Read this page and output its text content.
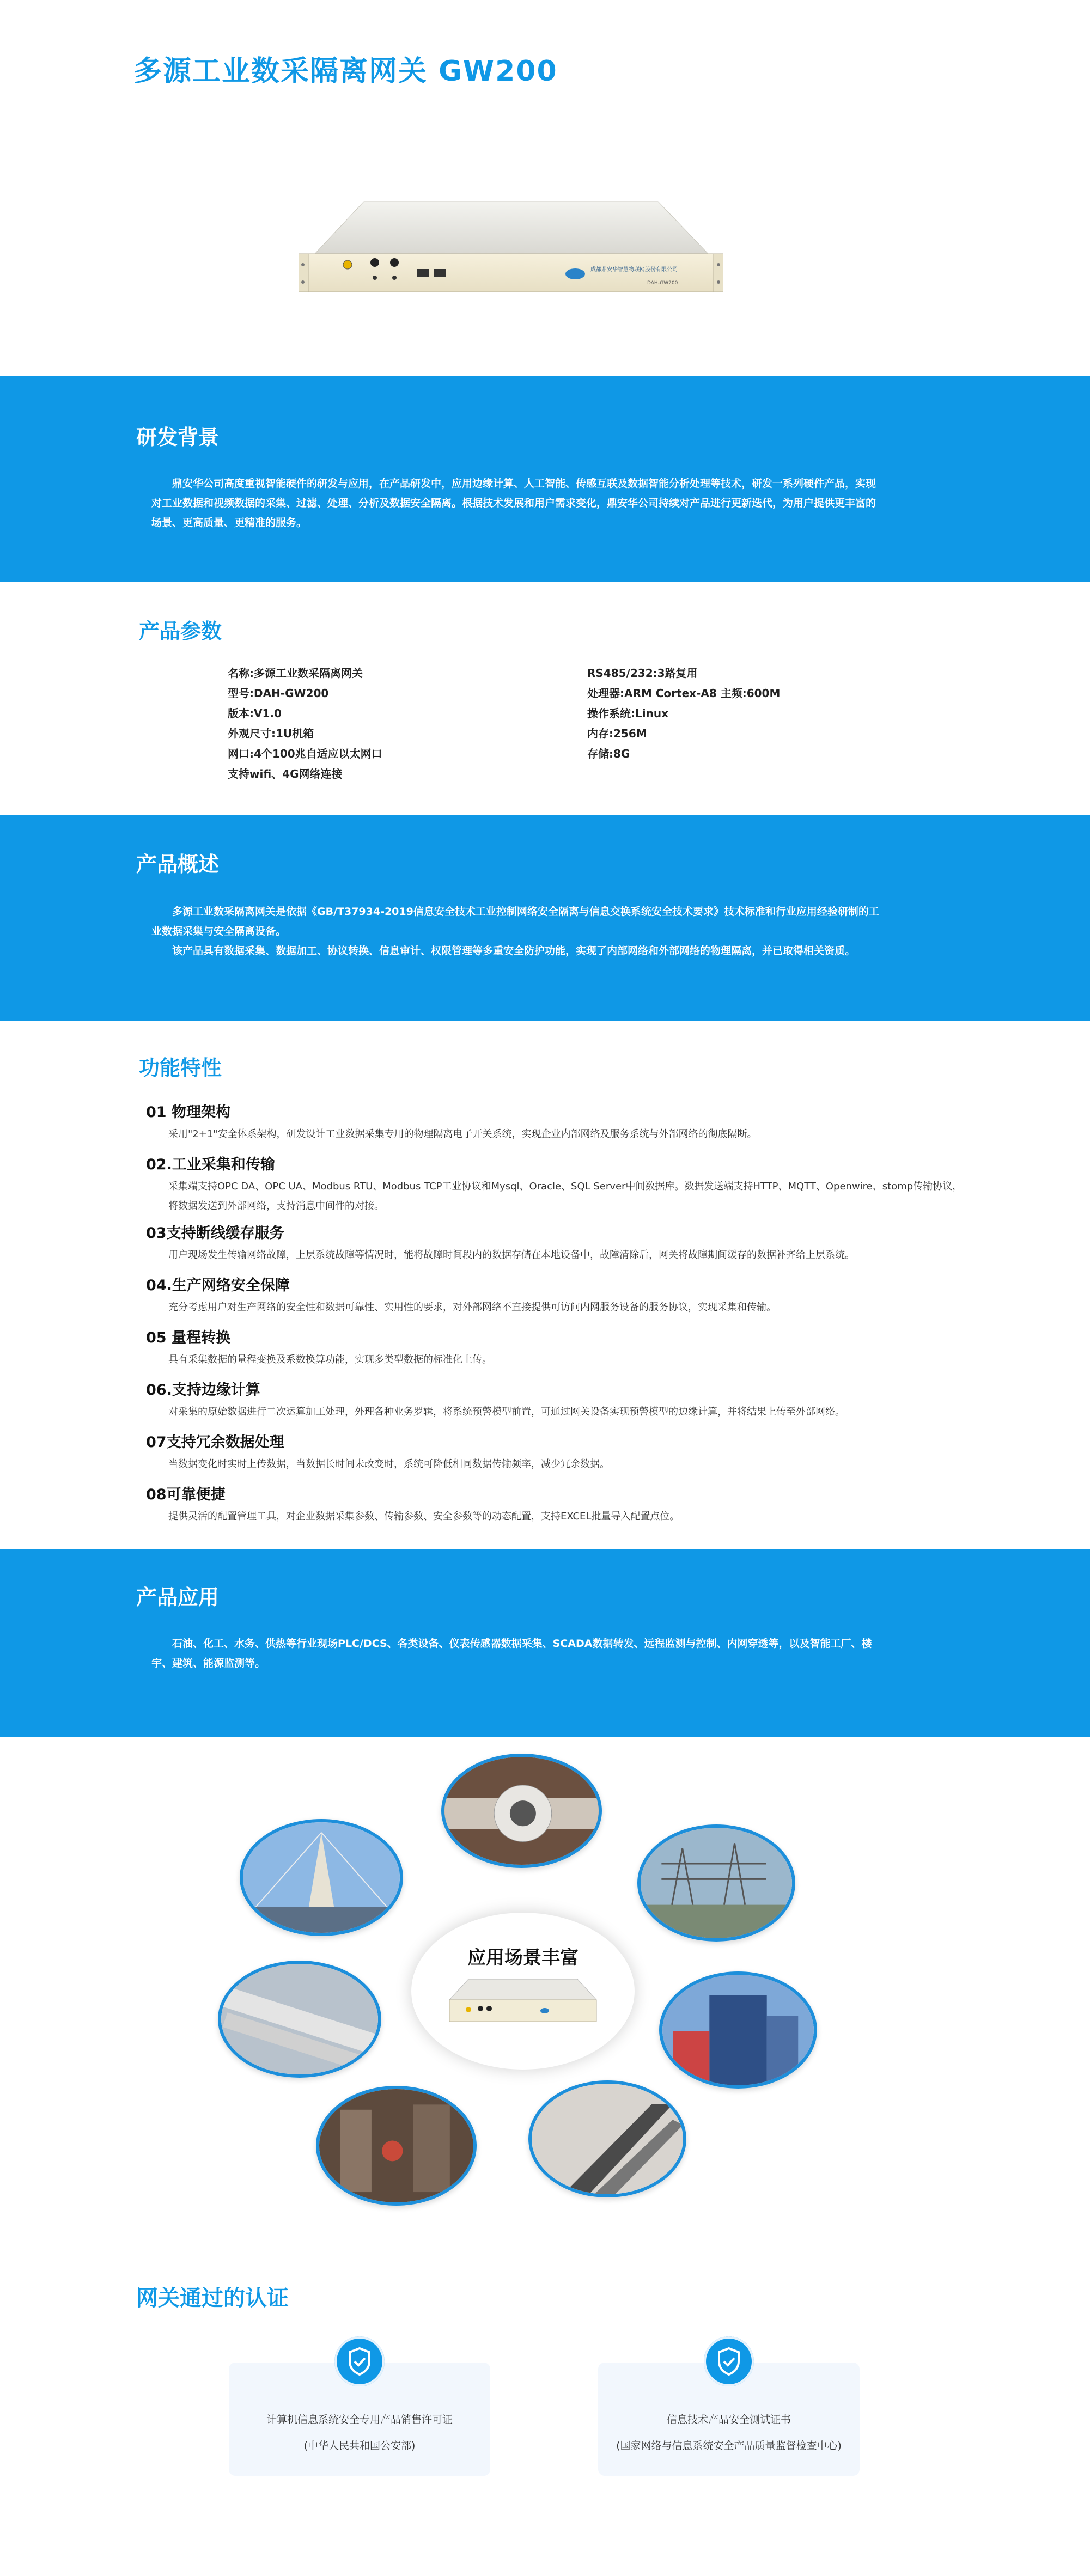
多源工业数采隔离网关 GW200
成都鼎安华智慧物联网股份有限公司
DAH-GW200
研发背景

鼎安华公司高度重视智能硬件的研发与应用，在产品研发中，应用边缘计算、人工智能、传感互联及数据智能分析处理等技术，研发一系列硬件产品，实现对工业数据和视频数据的采集、过滤、处理、分析及数据安全隔离。根据技术发展和用户需求变化，鼎安华公司持续对产品进行更新迭代，为用户提供更丰富的场景、更高质量、更精准的服务。

产品参数
名称:多源工业数采隔离网关
型号:DAH-GW200
版本:V1.0
外观尺寸:1U机箱
网口:4个100兆自适应以太网口
支持wifi、4G网络连接
RS485/232:3路复用
处理器:ARM Cortex-A8 主频:600M
操作系统:Linux
内存:256M
存储:8G
产品概述

多源工业数采隔离网关是依据《GB/T37934-2019信息安全技术工业控制网络安全隔离与信息交换系统安全技术要求》技术标准和行业应用经验研制的工业数据采集与安全隔离设备。

该产品具有数据采集、数据加工、协议转换、信息审计、权限管理等多重安全防护功能，实现了内部网络和外部网络的物理隔离，并已取得相关资质。

功能特性
01 物理架构
采用"2+1"安全体系架构，研发设计工业数据采集专用的物理隔离电子开关系统，实现企业内部网络及服务系统与外部网络的彻底隔断。
02.工业采集和传输
采集端支持OPC DA、OPC UA、Modbus RTU、Modbus TCP工业协议和Mysql、Oracle、SQL Server中间数据库。数据发送端支持HTTP、MQTT、Openwire、stomp传输协议，将数据发送到外部网络，支持消息中间件的对接。
03支持断线缓存服务
用户现场发生传输网络故障，上层系统故障等情况时，能将故障时间段内的数据存储在本地设备中，故障清除后，网关将故障期间缓存的数据补齐给上层系统。
04.生产网络安全保障
充分考虑用户对生产网络的安全性和数据可靠性、实用性的要求，对外部网络不直接提供可访问内网服务设备的服务协议，实现采集和传输。
05 量程转换
具有采集数据的量程变换及系数换算功能，实现多类型数据的标准化上传。
06.支持边缘计算
对采集的原始数据进行二次运算加工处理，外理各种业务罗辑，将系统预警模型前置，可通过网关设备实现预警模型的边缘计算，并将结果上传至外部网络。
07支持冗余数据处理
当数据变化时实时上传数据，当数据长时间未改变时，系统可降低相同数据传输频率，减少冗余数据。
08可靠便捷
提供灵活的配置管理工具，对企业数据采集参数、传输参数、安全参数等的动态配置，支持EXCEL批量导入配置点位。
产品应用

石油、化工、水务、供热等行业现场PLC/DCS、各类设备、仪表传感器数据采集、SCADA数据转发、远程监测与控制、内网穿透等，以及智能工厂、楼宇、建筑、能源监测等。

应用场景丰富
网关通过的认证
计算机信息系统安全专用产品销售许可证
(中华人民共和国公安部)
信息技术产品安全测试证书
(国家网络与信息系统安全产品质量监督检查中心)
